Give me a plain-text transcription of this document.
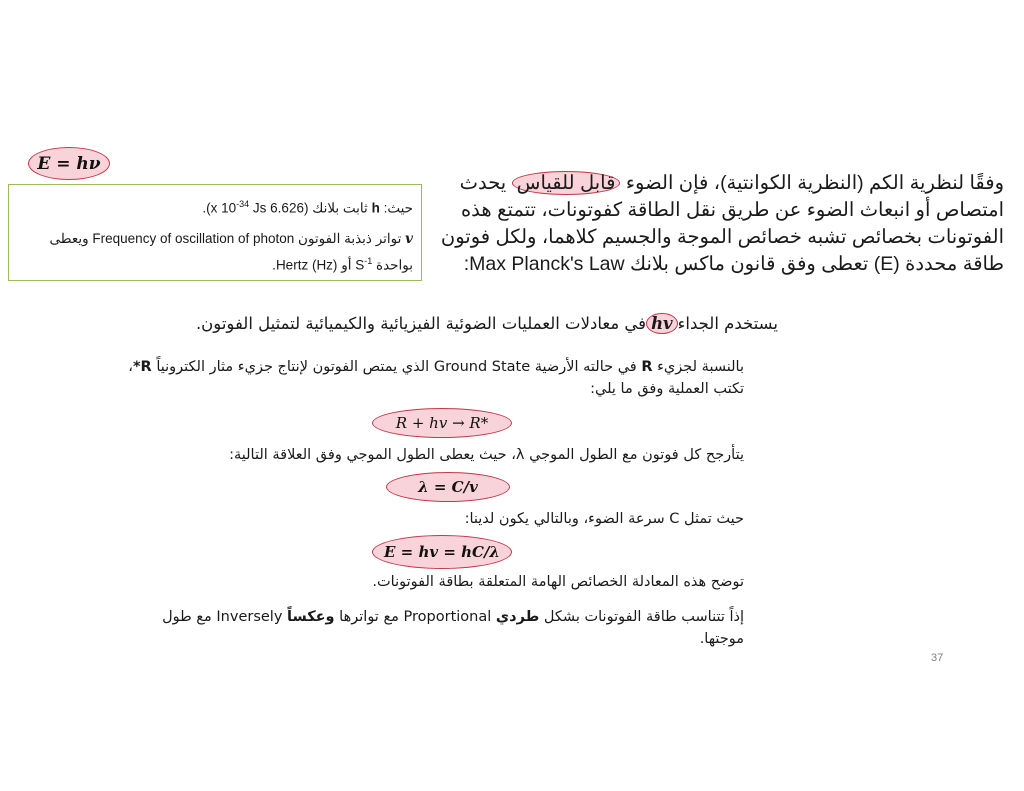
E = hν
حيث: h ثابت بلانك (6.626 x $10^{-34}$ Js).
v تواتر ذبذبة الفوتون Frequency of oscillation of photon ويعطى بواحدة $S^{-1}$ أو Hertz (Hz).
وفقًا لنظرية الكم (النظرية الكوانتية)، فإن الضوء قابل للقياس يحدث امتصاص أو انبعاث الضوء عن طريق نقل الطاقة كفوتونات، تتمتع هذه الفوتونات بخصائص تشبه خصائص الموجة والجسيم كلاهما، ولكل فوتون طاقة محددة (E) تعطى وفق قانون ماكس بلانك Max Planck's Law:
يستخدم الجداءhvفي معادلات العمليات الضوئية الفيزيائية والكيميائية لتمثيل الفوتون.
بالنسبة لجزيء R في حالته الأرضية Ground State الذي يمتص الفوتون لإنتاج جزيء مثار الكترونياً R*، تكتب العملية وفق ما يلي:
R + hv → R*
يتأرجح كل فوتون مع الطول الموجي λ، حيث يعطى الطول الموجي وفق العلاقة التالية:
λ = C/v
حيث تمثل C سرعة الضوء، وبالتالي يكون لدينا:
E = hv = hC/λ
توضح هذه المعادلة الخصائص الهامة المتعلقة بطاقة الفوتونات.
إذاً تتناسب طاقة الفوتونات بشكل طردي Proportional مع تواترها وعكساً Inversely مع طول موجتها.
37
